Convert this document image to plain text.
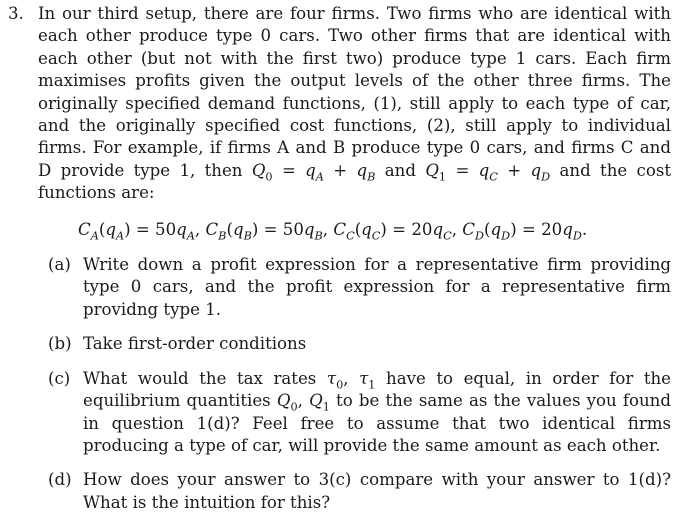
3. In our third setup, there are four firms. Two firms who are identical with each other produce type 0 cars. Two other firms that are identical with each other (but not with the first two) produce type 1 cars. Each firm maximises profits given the output levels of the other three firms. The originally specified demand functions, (1), still apply to each type of car, and the originally specified cost functions, (2), still apply to individual firms. For example, if firms A and B produce type 0 cars, and firms C and D provide type 1, then $Q_0 = q_A + q_B$ and $Q_1 = q_C + q_D$ and the cost functions are:

$C_A(q_A) = 50q_A$, $C_B(q_B) = 50q_B$, $C_C(q_C) = 20q_C$, $C_D(q_D) = 20q_D$.
(a) Write down a profit expression for a representative firm providing type 0 cars, and the profit expression for a representative firm providng type 1.
(b) Take first-order conditions
(c) What would the tax rates $\tau_0$, $\tau_1$ have to equal, in order for the equilibrium quantities $Q_0$, $Q_1$ to be the same as the values you found in question 1(d)? Feel free to assume that two identical firms producing a type of car, will provide the same amount as each other.
(d) How does your answer to 3(c) compare with your answer to 1(d)? What is the intuition for this?
